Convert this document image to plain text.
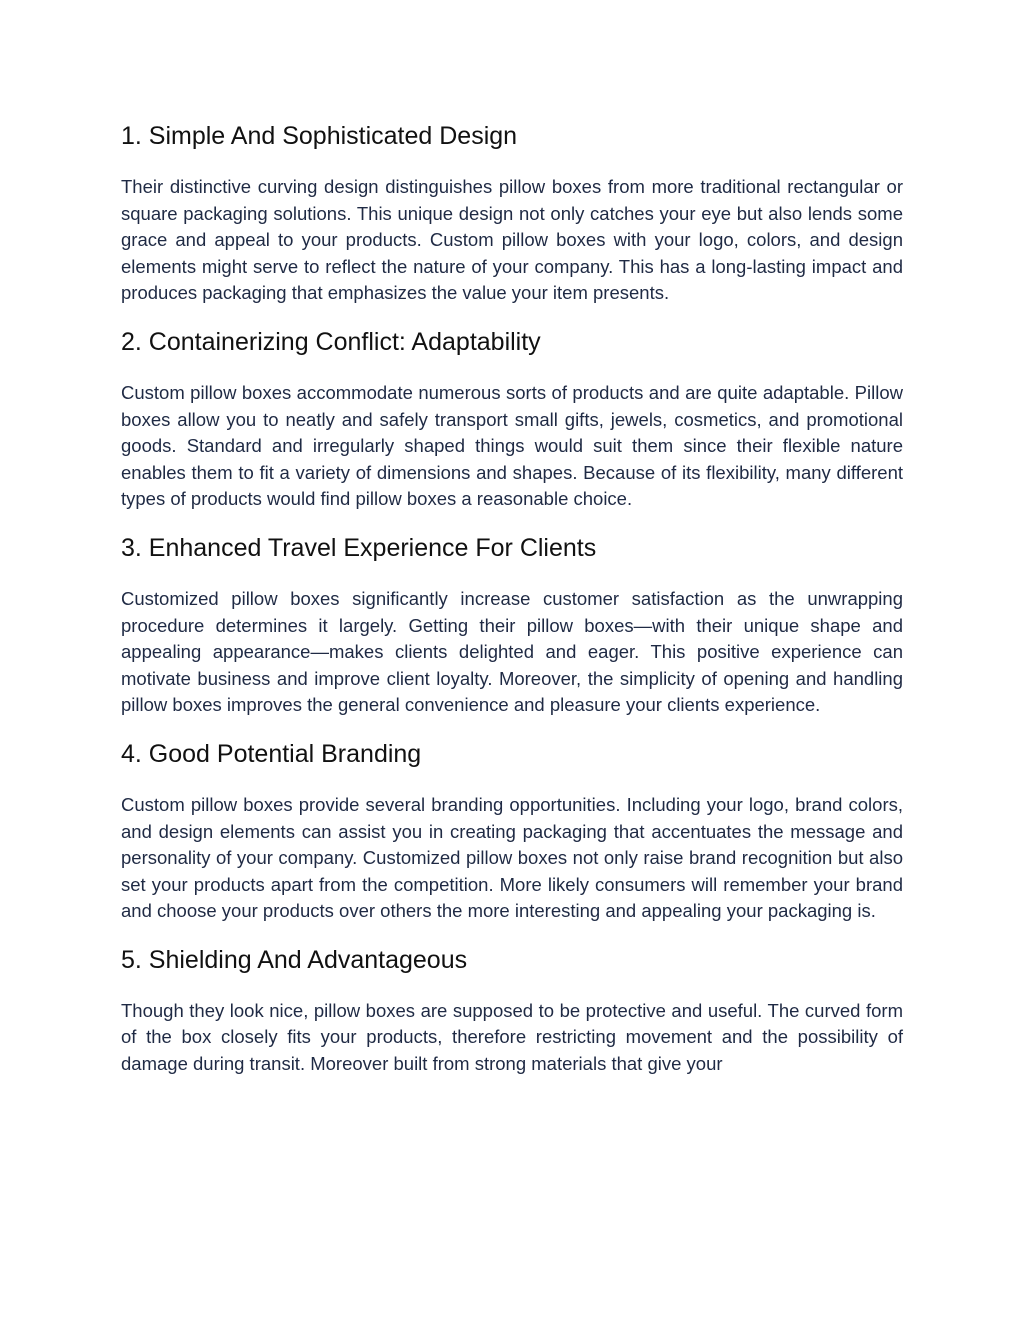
1. Simple And Sophisticated Design

Their distinctive curving design distinguishes pillow boxes from more traditional rectangular or square packaging solutions. This unique design not only catches your eye but also lends some grace and appeal to your products. Custom pillow boxes with your logo, colors, and design elements might serve to reflect the nature of your company. This has a long-lasting impact and produces packaging that emphasizes the value your item presents.

2. Containerizing Conflict: Adaptability

Custom pillow boxes accommodate numerous sorts of products and are quite adaptable. Pillow boxes allow you to neatly and safely transport small gifts, jewels, cosmetics, and promotional goods. Standard and irregularly shaped things would suit them since their flexible nature enables them to fit a variety of dimensions and shapes. Because of its flexibility, many different types of products would find pillow boxes a reasonable choice.

3. Enhanced Travel Experience For Clients

Customized pillow boxes significantly increase customer satisfaction as the unwrapping procedure determines it largely. Getting their pillow boxes—with their unique shape and appealing appearance—makes clients delighted and eager. This positive experience can motivate business and improve client loyalty. Moreover, the simplicity of opening and handling pillow boxes improves the general convenience and pleasure your clients experience.

4. Good Potential Branding

Custom pillow boxes provide several branding opportunities. Including your logo, brand colors, and design elements can assist you in creating packaging that accentuates the message and personality of your company. Customized pillow boxes not only raise brand recognition but also set your products apart from the competition. More likely consumers will remember your brand and choose your products over others the more interesting and appealing your packaging is.

5. Shielding And Advantageous

Though they look nice, pillow boxes are supposed to be protective and useful. The curved form of the box closely fits your products, therefore restricting movement and the possibility of damage during transit. Moreover built from strong materials that give your
